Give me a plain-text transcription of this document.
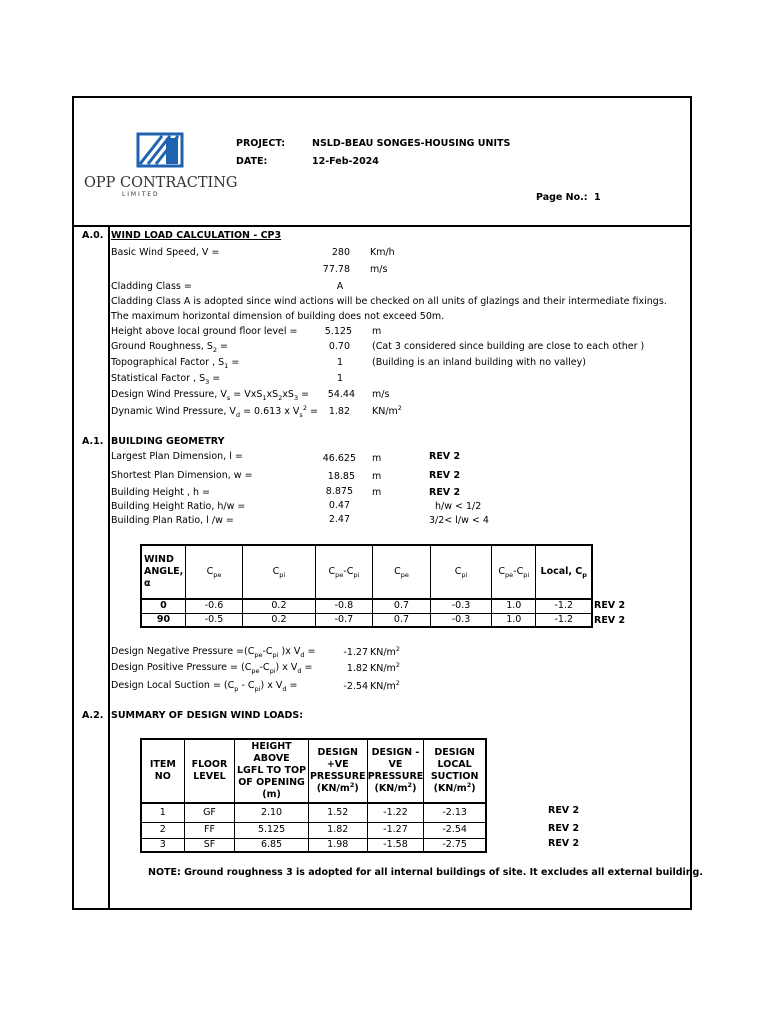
OPP CONTRACTING
L I M I T E D
PROJECT:	NSLD-BEAU SONGES-HOUSING UNITS
DATE:	12-Feb-2024
Page No.: 1
A.0. WIND LOAD CALCULATION - CP3
Basic Wind Speed, V =	280 Km/h
77.78 m/s
Cladding Class =	A
Cladding Class A is adopted since wind actions will be checked on all units of glazings and their intermediate fixings.
The maximum horizontal dimension of building does not exceed 50m.
Height above local ground floor level =	5.125 m
Ground Roughness, $S_2$ =	0.70 (Cat 3 considered since building are close to each other )
Topographical Factor , $S_1$ =	1	(Building is an inland building with no valley)
Statistical Factor , $S_3$ =	1
Design Wind Pressure, $V_s = VxS_1xS_2xS_3$ =	54.44 m/s
Dynamic Wind Pressure, $V_d = 0.613$ x $V_s^2$ =	1.82 $KN/m^2$
A.1. BUILDING GEOMETRY
Largest Plan Dimension, l =	46.625 m	REV 2
Shortest Plan Dimension, w =	18.85 m	REV 2
Building Height , h =	8.875 m	REV 2
Building Height Ratio, h/w =	0.47	h/w < 1/2
Building Plan Ratio, l /w =	2.47	3/2< l/w < 4
WIND ANGLE,
α	$C_{pe}$	$C_{pi}$	$C_{pe}-C_{pi}$	$C_{pe}$	$C_{pi}$	$C_{pe}-C_{pi}$	Local, $C_p$
0	-0.6	0.2	-0.8	0.7	-0.3	1.0	-1.2
90	-0.5	0.2	-0.7	0.7	-0.3	1.0	-1.2
REV 2
REV 2
Design Negative Pressure $=(C_{pe}-C_{pi}$ )x $V_d$ =	-1.27 $KN/m^2$
Design Positive Pressure = $(C_{pe}-C_{pi})$ x $V_d$ =	1.82 $KN/m^2$
Design Local Suction = $(C_p - C_{pi})$ x $V_d$ =	-2.54 $KN/m^2$
A.2. SUMMARY OF DESIGN WIND LOADS:
ITEM NO	FLOOR
LEVEL	HEIGHT ABOVE
LGFL TO TOP
OF OPENING
(m)	DESIGN
+VE
PRESSURE
$(KN/m^2)$	DESIGN -
VE
PRESSURE
$(KN/m^2)$	DESIGN
LOCAL
SUCTION
$(KN/m^2)$
1	GF	2.10	1.52	-1.22	-2.13
2	FF	5.125	1.82	-1.27	-2.54
3	SF	6.85	1.98	-1.58	-2.75
REV 2
REV 2
REV 2
NOTE: Ground roughness 3 is adopted for all internal buildings of site. It excludes all external building.
